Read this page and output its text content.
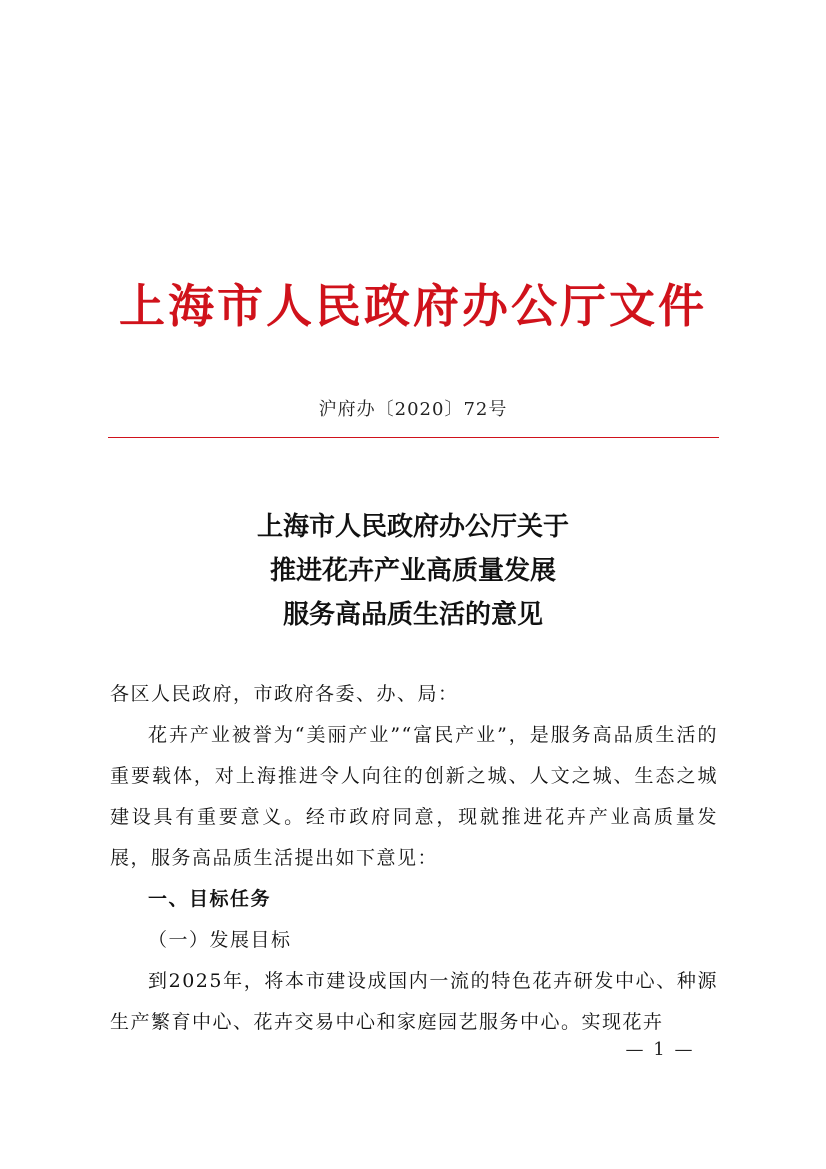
上海市人民政府办公厅文件
沪府办〔2020〕72号
上海市人民政府办公厅关于
推进花卉产业高质量发展
服务高品质生活的意见

各区人民政府，市政府各委、办、局：

花卉产业被誉为“美丽产业”“富民产业”，是服务高品质生活的重要载体，对上海推进令人向往的创新之城、人文之城、生态之城建设具有重要意义。经市政府同意，现就推进花卉产业高质量发展，服务高品质生活提出如下意见：

一、目标任务

（一）发展目标

到2025年，将本市建设成国内一流的特色花卉研发中心、种源生产繁育中心、花卉交易中心和家庭园艺服务中心。实现花卉

— 1 —
